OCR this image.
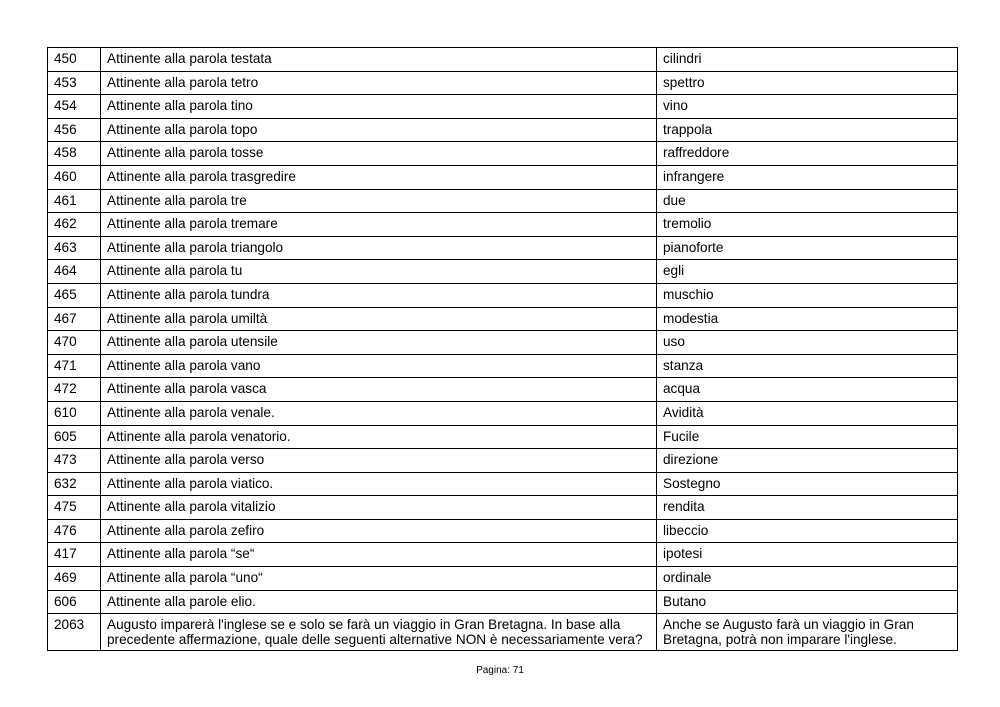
450	Attinente alla parola testata	cilindri
453	Attinente alla parola tetro	spettro
454	Attinente alla parola tino	vino
456	Attinente alla parola topo	trappola
458	Attinente alla parola tosse	raffreddore
460	Attinente alla parola trasgredire	infrangere
461	Attinente alla parola tre	due
462	Attinente alla parola tremare	tremolio
463	Attinente alla parola triangolo	pianoforte
464	Attinente alla parola tu	egli
465	Attinente alla parola tundra	muschio
467	Attinente alla parola umiltà	modestia
470	Attinente alla parola utensile	uso
471	Attinente alla parola vano	stanza
472	Attinente alla parola vasca	acqua
610	Attinente alla parola venale.	Avidità
605	Attinente alla parola venatorio.	Fucile
473	Attinente alla parola verso	direzione
632	Attinente alla parola viatico.	Sostegno
475	Attinente alla parola vitalizio	rendita
476	Attinente alla parola zefiro	libeccio
417	Attinente alla parola “se“	ipotesi
469	Attinente alla parola “uno“	ordinale
606	Attinente alla parole elio.	Butano
2063	Augusto imparerà l'inglese se e solo se farà un viaggio in Gran Bretagna. In base alla precedente affermazione, quale delle seguenti alternative NON è necessariamente vera?	Anche se Augusto farà un viaggio in Gran Bretagna, potrà non imparare l'inglese.
Pagina: 71
